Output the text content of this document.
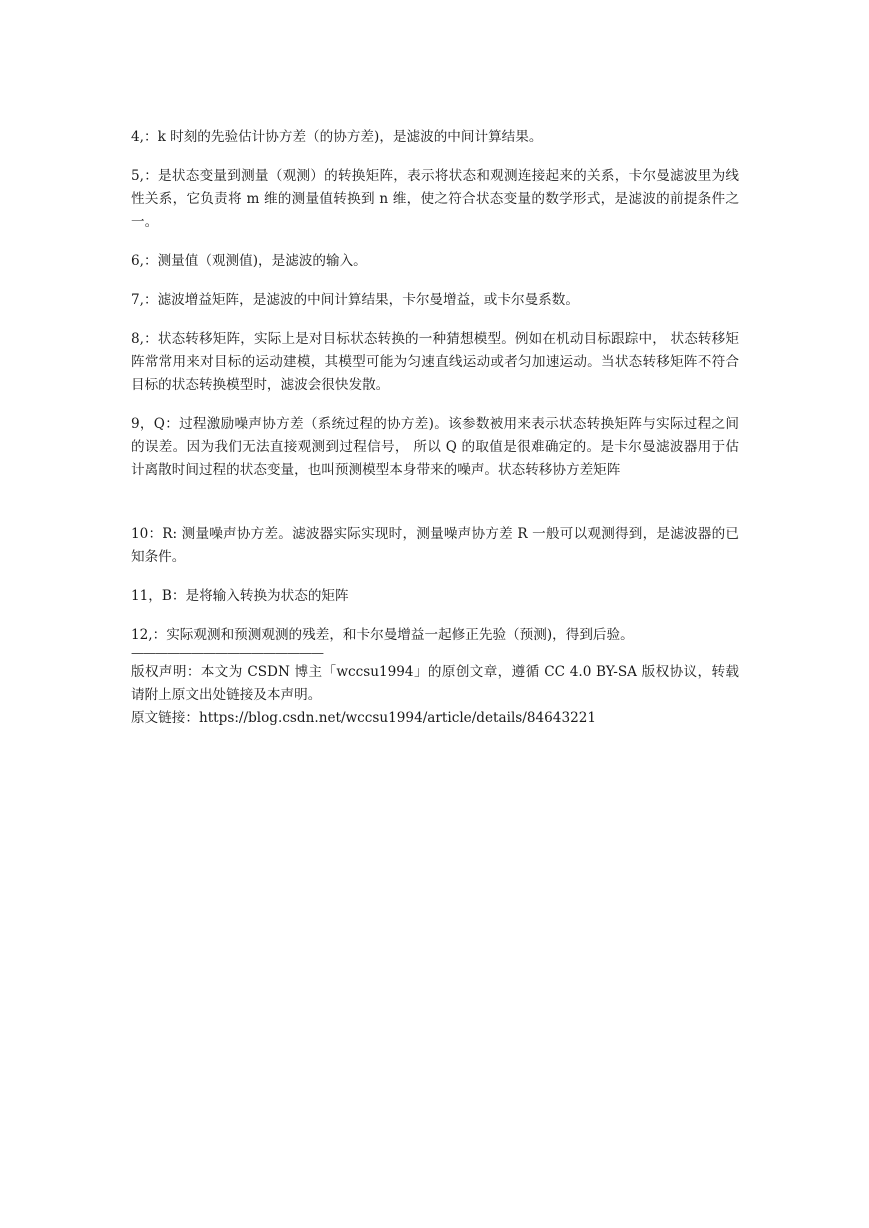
4,：k 时刻的先验估计协方差（的协方差)，是滤波的中间计算结果。

5,：是状态变量到测量（观测）的转换矩阵，表示将状态和观测连接起来的关系，卡尔曼滤波里为线性关系，它负责将 m 维的测量值转换到 n 维，使之符合状态变量的数学形式，是滤波的前提条件之一。

6,：测量值（观测值)，是滤波的输入。

7,：滤波增益矩阵，是滤波的中间计算结果，卡尔曼增益，或卡尔曼系数。

8,：状态转移矩阵，实际上是对目标状态转换的一种猜想模型。例如在机动目标跟踪中， 状态转移矩阵常常用来对目标的运动建模，其模型可能为匀速直线运动或者匀加速运动。当状态转移矩阵不符合目标的状态转换模型时，滤波会很快发散。

9，Q：过程激励噪声协方差（系统过程的协方差)。该参数被用来表示状态转换矩阵与实际过程之间的误差。因为我们无法直接观测到过程信号， 所以 Q 的取值是很难确定的。是卡尔曼滤波器用于估计离散时间过程的状态变量，也叫预测模型本身带来的噪声。状态转移协方差矩阵

10：R: 测量噪声协方差。滤波器实际实现时，测量噪声协方差 R 一般可以观测得到，是滤波器的已知条件。

11，B：是将输入转换为状态的矩阵

12,：实际观测和预测观测的残差，和卡尔曼增益一起修正先验（预测)，得到后验。

————————————————

版权声明：本文为 CSDN 博主「wccsu1994」的原创文章，遵循 CC 4.0 BY-SA 版权协议，转载请附上原文出处链接及本声明。

原文链接：https://blog.csdn.net/wccsu1994/article/details/84643221
